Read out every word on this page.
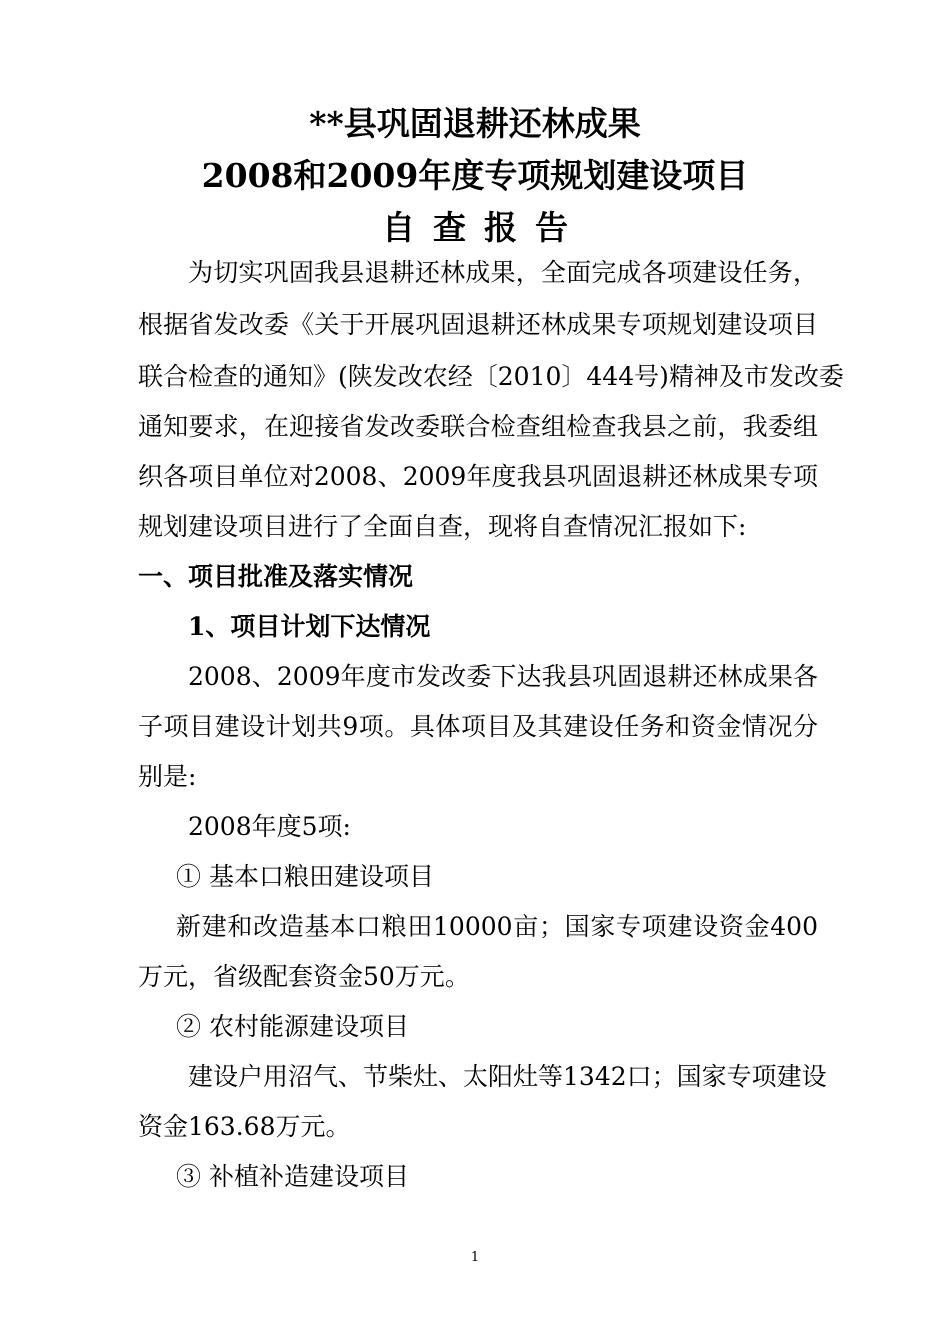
**县巩固退耕还林成果
2008和2009年度专项规划建设项目
自查报告
为切实巩固我县退耕还林成果，全面完成各项建设任务，
根据省发改委《关于开展巩固退耕还林成果专项规划建设项目
联合检查的通知》(陕发改农经〔2010〕444号)精神及市发改委
通知要求，在迎接省发改委联合检查组检查我县之前，我委组
织各项目单位对2008、2009年度我县巩固退耕还林成果专项
规划建设项目进行了全面自查，现将自查情况汇报如下:
一、项目批准及落实情况
1、项目计划下达情况
2008、2009年度市发改委下达我县巩固退耕还林成果各
子项目建设计划共9项。具体项目及其建设任务和资金情况分
别是:
2008年度5项:
① 基本口粮田建设项目
新建和改造基本口粮田10000亩；国家专项建设资金400
万元，省级配套资金50万元。
② 农村能源建设项目
建设户用沼气、节柴灶、太阳灶等1342口；国家专项建设
资金163.68万元。
③ 补植补造建设项目
1
